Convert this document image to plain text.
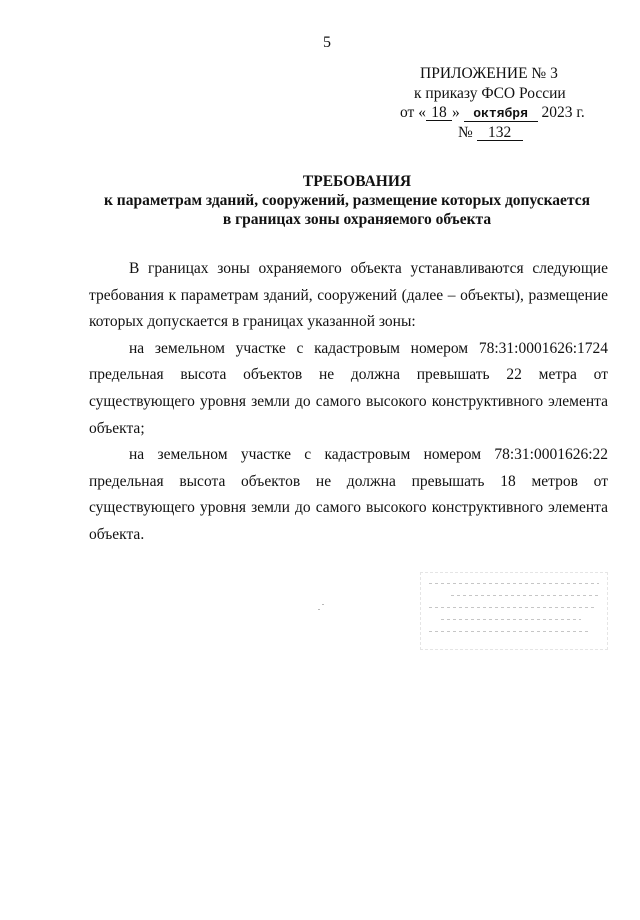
5
ПРИЛОЖЕНИЕ № 3
к приказу ФСО России
от « 18 » октября 2023 г.
№ 132
ТРЕБОВАНИЯ
к параметрам зданий, сооружений, размещение которых допускается
в границах зоны охраняемого объекта

В границах зоны охраняемого объекта устанавливаются следующие требования к параметрам зданий, сооружений (далее – объекты), размещение которых допускается в границах указанной зоны:

на земельном участке с кадастровым номером 78:31:0001626:1724 предельная высота объектов не должна превышать 22 метра от существующего уровня земли до самого высокого конструктивного элемента объекта;

на земельном участке с кадастровым номером 78:31:0001626:22 предельная высота объектов не должна превышать 18 метров от существующего уровня земли до самого высокого конструктивного элемента объекта.
